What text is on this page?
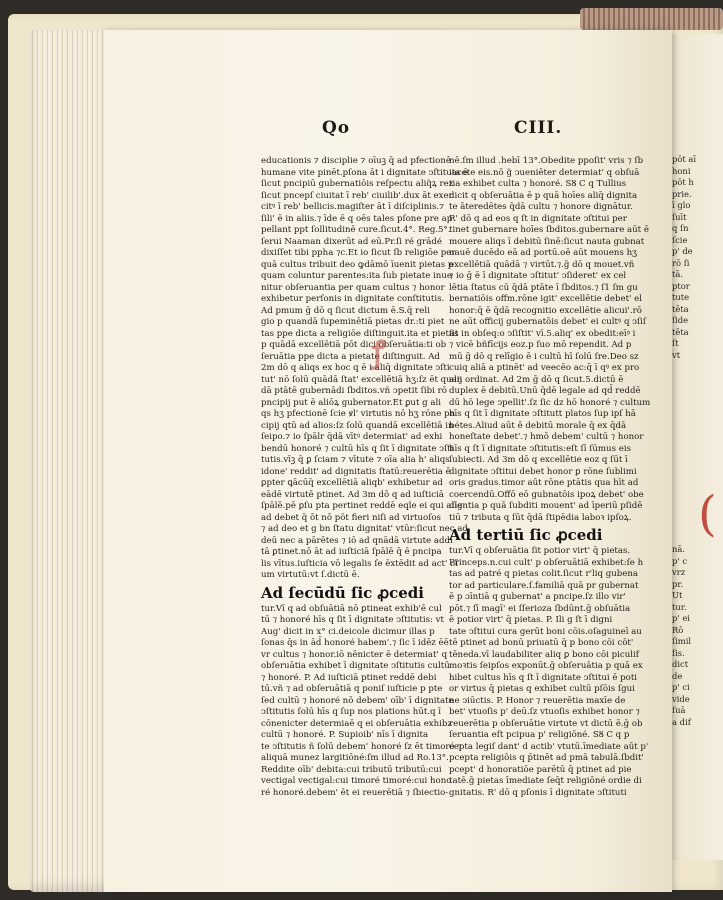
pōt aī
honi
pōt h
prie.
ī glo
ſuīt
q ſn
ſcie
p' de
rō ſi
tā.
ptor
tute
tēta
ſide
tēta
ſt
vt
nā.
p' c
vrz
pr.
Ut
tur.
p' ei
Rō
ſimil
ſis.
dict
de
p' ci
vide
ſuā
a dif
(
Qo	CIII.
educationis ⁊ disciplie ⁊ oīuꝫ q̄ ad pfectionē
humane vite pinēt.pſona āt i dignitate ↄſtituta ē
ſicut pncipiū gubernatiōis reſpectu aliq̃ꝝ rez
ſicut pncepſ ciuitat ī reb' ciuilib'.dux āt exer
citꝰ ī reb' bellicis.magiſter āt ī diſciplinis.⁊
ſili' ē in aliis.⁊ īde ē q oēs tales pſone pre ap
pellant ppt ſollitudinē cure.ſicut.4°. Reg.5°.
ſerui Naaman dixerūt ad eū.Pr.ſi ré grādé
dixiſſet tibi ppha ⁊c.Et io ſicut ſb religiōe per
quā cultus tribuit deo ꝙdāmō īuenit pietas p
quam coluntur parentes:ita ſub pietate inue
nitur obſeruantia per quam cultus ⁊ honor
exhibetur perſonis in dignitate conſtitutis.
Ad pmum ḡ dō q ſicut dictum ē.S.q̄ reli
gio p quandā ſupeminētiā pietas dr.:ti piet
tas ppe dicta a religiōe diſtinguit.ita et pietas
p quādā excellētiā pōt dici obſeruātia:ti ob
ſeruātia ppe dicta a pietate diſtinguit. Ad
2m dō q aliqs ex hoc q ē i aliq̄ dignitate ↄſti
tut' nō ſolū quādā ſtat' excellētiā hʒ:ſz ēt quan
dā ptātē gubernādi ſbditos.vñ ↄpetit ſibi rō
pncipij put ē aliōꝝ gubernator.Et ꝑut g ali
qs hʒ pfectionē ſcie ꝟl' virtutis nō hʒ rōne pn
cipij qtū ad alios:ſz ſolū quandā excellētiā in
ſeipo.⁊ io ſpālr q̄dā vītꝰ determiat' ad exhi
bendū honoré ⁊ cultū hīs q ſit ī dignitate ↄſti
tutis.vīꝫ q̄ ꝑ ſciam ⁊ vītute ⁊ oīa alia h' aliqs
idone' reddit' ad dignitatis ſtatū:reuerētia ē
ꝑpter ꝗācūq̄ excellētiā aliqb' exhibetur ad
eādē virtutē ptinet. Ad 3m dō q ad iuſticiā
ſpālē.pē ꝑſu pta pertinet reddē eqle ei qui alīg
ad debet q̄ ōt nō pōt fieri niſi ad virtuoſos
⁊ ad deo et g bn ſtatu dignitat' vtūr:ſicut nec ad
deū nec a pārētes ⁊ iō ad qnādā virtute addi
tā ꝑtinet.nō āt ad iuſticiā ſpālē q̄ ē pncipa
lis vītus.iuſticia vō legalis ſe ēxtēdit ad act' oī
um virtutū:vt ſ.dictū ē.
Ad ſecūdū ſic ꝓcedi
tur.Vī q ad obſuātiā nō ꝑtineat exhib'ē cul
tū ⁊ honoré hīs q ſit ī dignitate ↄſtitutis: vt
Aug' dicit in x° ci.deicole dicimur illas p
ſonas q̄s in ād̄ honoré habem'.⁊ ſic ī idēz ēē
vr cultus ⁊ honor.iō nēnicter ē determiat' q
obſeruātia exhibet ī dignitate ↄſtitutis cultū
⁊ honoré. P. Ad iuſticiā ptinet reddē debi
tū.vñ ⁊ ad obſeruātiā q poniſ iuſticie p pte
ſed cultū ⁊ honoré nō debem' oīb' ī dignitate
ↄſtitutis ſolū hīs q ſup nos plations hūt.q ī
cōnenicter determiaē q ei obſeruātia exhibz
cultū ⁊ honoré. P. Supioib' nīs ī dignita
te ↄſtitutis ñ ſolū debem' honoré ſz ēt timoré ⁊
aliquā munez largitiōné:ſm illud ad Ro.13°.
Reddite oīb' debita:cui tributū tributū:cui
vectigal vectigal:cui timoré timoré:cui hono
ré honoré.debem' ēt ei reuerētiā ⁊ ſbiectio-
nē.ſm illud .hebī 13°.Obedite ppoſit' vris ⁊ ſb
iacete eis.nō g̃ ↄueniēter determiat' q obſuā
tia exhibet culta ⁊ honoré. SȢ C q Tullius
dicit q obſeruātia ē p quā hoīes aliq̄ dignita
te āteredētes q̄dā cultu ⁊ honore dignātur.
R' dō q ad eos q ſt in dignitate ↄſtitui per
tinet gubernare hoīes ſbditos.gubernare aūt ē
mouere aliqs ī debitū ſinē:ſicut nauta gubnat
nauē ducēdo eā ad portū.oē aūt mouens hʒ
excellētiā quādā ⁊ virtūt.⁊.ḡ dō q mouet.vñ
⁊ io ḡ ē ī dignitate ↄſtitut' ↄſideret' ex cel
lētia ſtatus cū q̄dā ptāte ī ſbditos.⁊ ſ1 ſm gu
bernatiōis offm.rōne igit' excellētie debet' el
honor:q̄ ē q̄dā recognitio excellētie alicui'.rō
ne aūt officij gubernatōis debet' ei cultꝰ q ↄſiſ
ſit in obſeq:o ↄſiſtit' vī.5.aliq' ex obedit:eīꝰ i
⁊ vicē bñfīcijs eoz.p ſuo mō rependit. Ad p
mū ḡ dō q relīgio ē i cultū hī ſolū ſre.Deo sz
cuiq aliā a ptinēt' ad veecēo ac:q̄ ī qꝰ ex pro
alij ordinat. Ad 2m ḡ dō q ſicut.5.dictū ē
duplex ē debitū.Unū q̄dē legale ad qd̄ reddē
dū hō lege ↄpellit'.ſz ſic dz hō honoré ⁊ cultum
hīs q ſit ī dignitate ↄſtitutt platos ſup ipſ hā
bétes.Aliud aūt ē debitū morale q̄ ex q̄dā
honeſtate debet'.⁊ hmō debem' cultū ⁊ honor
hīs q ſt ī dignitate ↄſtitutis:eſt ſī ſūmus eis
ſubiecti. Ad 3m dō q excellētie eoz q ſūt ī
dignitate ↄſtitui debet honor ꝑ rōne ſublimi
oris gradus.timor aūt rōne ptātis qua hīt ad
coercendū.Offō eō gubnatōis ipoꝝ debet' obe
dientia p quā ſubditi mouent' ad īperiū pſidē
tiū ⁊ tributa q ſūt q̄dā ſtipēdia laboꝛ ipſoꝝ.
Ad tertiū ſic ꝓcedi
tur.Vī q obſeruātia ſit potior virt' q̄ pietas.
Princeps.n.cui cult' p obſeruātiā exhibet:ſe h
tas ad patré q pietas colit.ſicut r'liq gubena
tor ad particulare.ſ.familiā quā pr gubernat
ē p ɔīntiā q gubernat' a pncipe.ſz illo vir'
pōt.⁊ ſī magī' ei ſſerioza ſbdūnt.ḡ obſuātia
ē potior virt' q̄ pietas. P. Ili g ſt ī digni
tate ↄſtitui cura gerūt boni cōis.oſaguineī au
tē ptinet ad bonū priuatū q̄ p bono cōi cōt'
tēneda.vī laudabiliter aliq ꝑ bono cōi piculif
moꝛtis ſeipſos exponūt.ḡ obſeruātia p quā ex
hibet cultus hīs q ſt ī dignitate ↄſtitui ē poti
or virtus q̄ pietas q exhibet cultū pſōis ſgui
ne ↄiūctis. P. Honor ⁊ reuerētia maxīe de
bet' vtuoſis p' deū.ſz vtuoſis exhibet honor ⁊
reuerētia p obſeruātie virtute vt dictū ē.ḡ ob
ſeruantia eſt pcipua p' religiōné. SȢ C q p
cepta legiſ dant' d actib' vtutū.īmediate aūt p'
pcepta religiōis q p̄tinēt ad pmā tabulā.ſbdit'
pcept' d honoratiōe parētū q̄ ptinet ad pie
tatē.ḡ pietas īmediate ſeq̄t religiōné ordie di
gnitatis. R' dō q pſonis ī dignitate ↄſtituti
ꝭ
